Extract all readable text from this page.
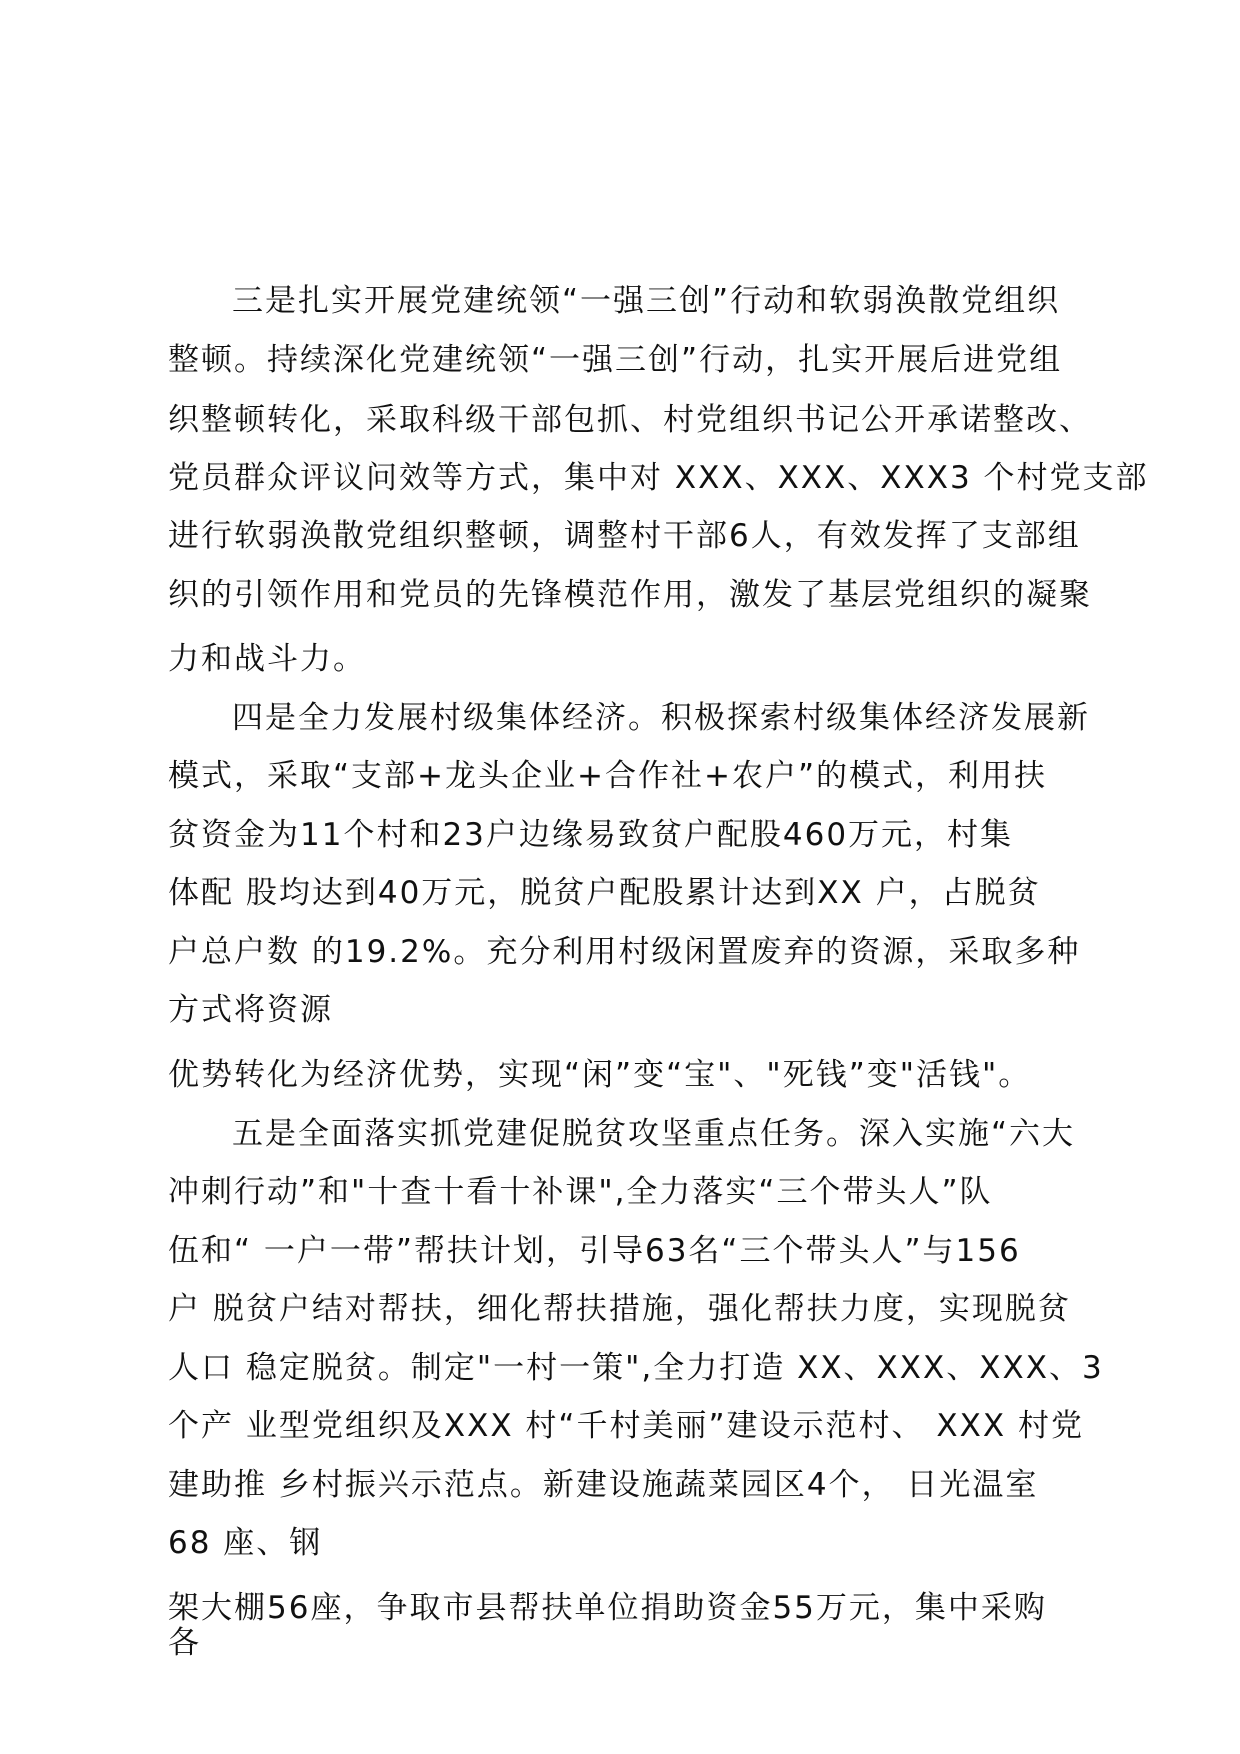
三是扎实开展党建统领“一强三创”行动和软弱涣散党组织

整顿。持续深化党建统领“一强三创”行动，扎实开展后进党组

织整顿转化，采取科级干部包抓、村党组织书记公开承诺整改、

党员群众评议问效等方式，集中对 XXX、XXX、XXX3 个村党支部

进行软弱涣散党组织整顿，调整村干部6人，有效发挥了支部组

织的引领作用和党员的先锋模范作用，激发了基层党组织的凝聚

力和战斗力。

四是全力发展村级集体经济。积极探索村级集体经济发展新

模式，采取“支部+龙头企业+合作社+农户”的模式，利用扶

贫资金为11个村和23户边缘易致贫户配股460万元，村集

体配 股均达到40万元，脱贫户配股累计达到XX 户，占脱贫

户总户数 的19.2%。充分利用村级闲置废弃的资源，采取多种

方式将资源

优势转化为经济优势，实现“闲”变“宝"、"死钱”变"活钱"。

五是全面落实抓党建促脱贫攻坚重点任务。深入实施“六大

冲刺行动”和"十查十看十补课",全力落实“三个带头人”队

伍和“ 一户一带”帮扶计划，引导63名“三个带头人”与156

户 脱贫户结对帮扶，细化帮扶措施，强化帮扶力度，实现脱贫

人口 稳定脱贫。制定"一村一策",全力打造 XX、XXX、XXX、3

个产 业型党组织及XXX 村“千村美丽”建设示范村、 XXX 村党

建助推 乡村振兴示范点。新建设施蔬菜园区4个， 日光温室

68 座、钢

架大棚56座，争取市县帮扶单位捐助资金55万元，集中采购

各
